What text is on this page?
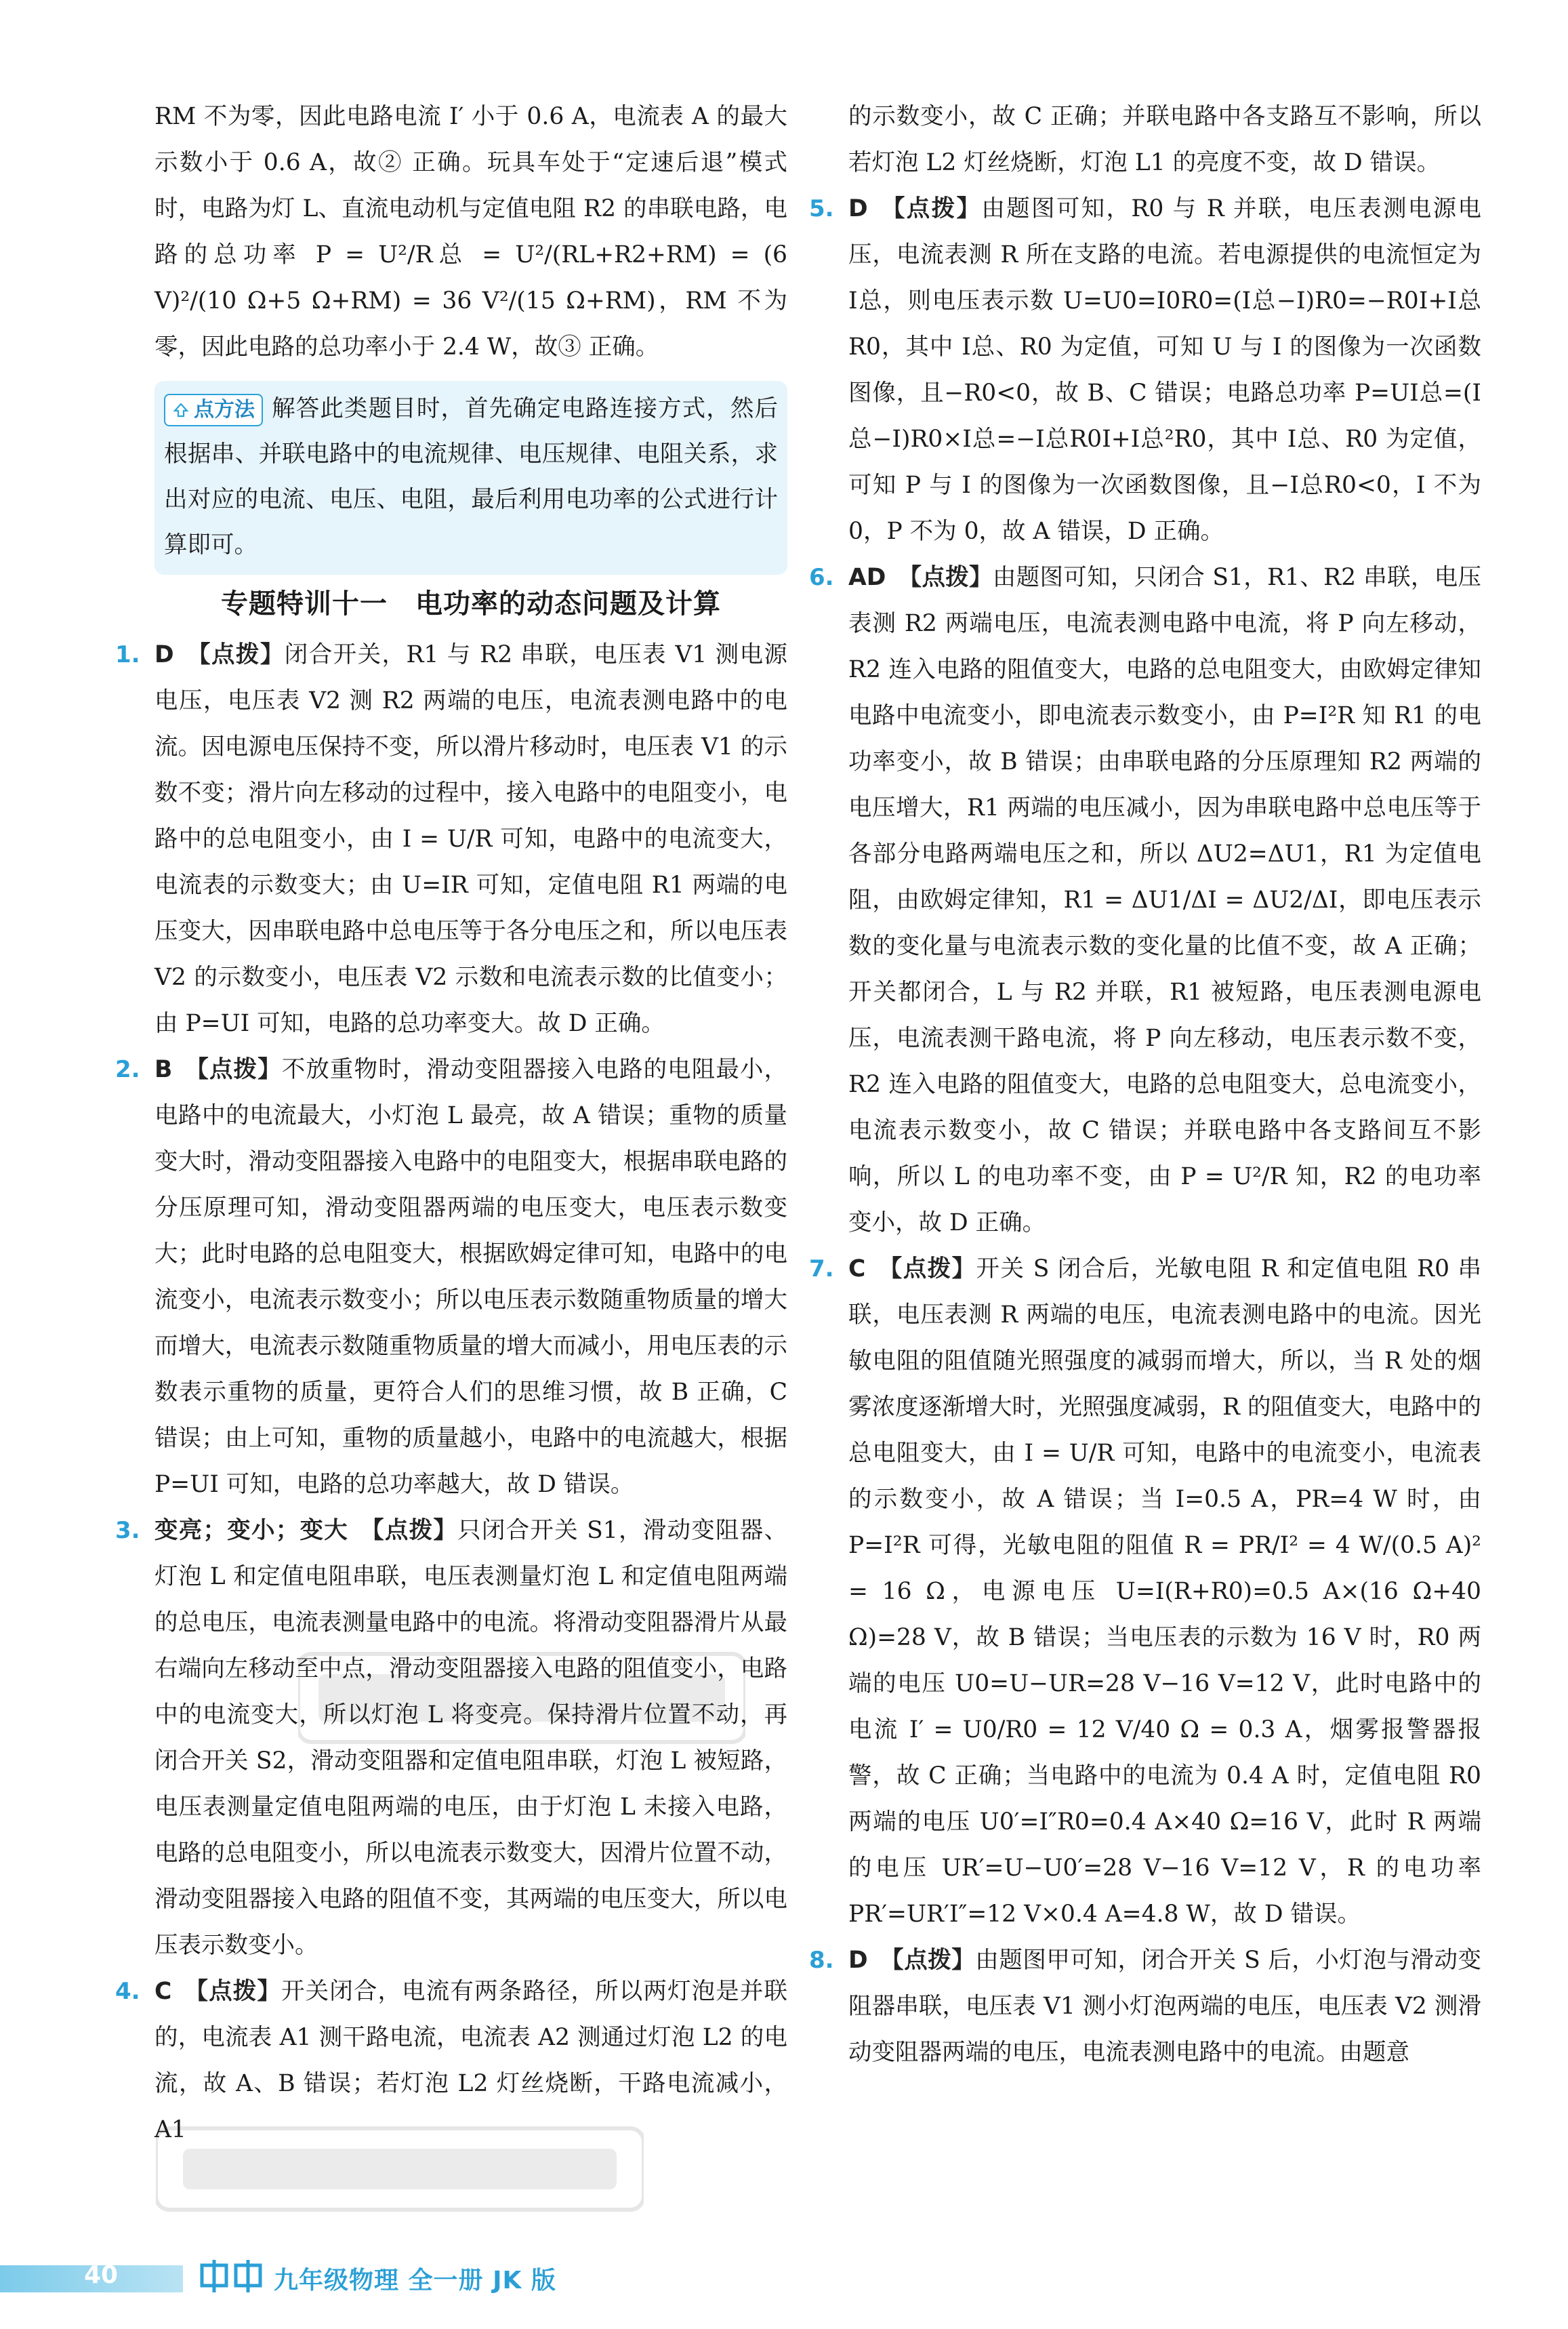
RM 不为零，因此电路电流 I′ 小于 0.6 A，电流表 A 的最大示数小于 0.6 A，故② 正确。玩具车处于“定速后退”模式时，电路为灯 L、直流电动机与定值电阻 R2 的串联电路，电路的总功率 P = U²/R总 = U²/(RL+R2+RM) = (6 V)²/(10 Ω+5 Ω+RM) = 36 V²/(15 Ω+RM)，RM 不为零，因此电路的总功率小于 2.4 W，故③ 正确。

点方法 解答此类题目时，首先确定电路连接方式，然后根据串、并联电路中的电流规律、电压规律、电阻关系，求出对应的电流、电压、电阻，最后利用电功率的公式进行计算即可。
专题特训十一　电功率的动态问题及计算

1. D 【点拨】闭合开关，R1 与 R2 串联，电压表 V1 测电源电压，电压表 V2 测 R2 两端的电压，电流表测电路中的电流。因电源电压保持不变，所以滑片移动时，电压表 V1 的示数不变；滑片向左移动的过程中，接入电路中的电阻变小，电路中的总电阻变小，由 I = U/R 可知，电路中的电流变大，电流表的示数变大；由 U=IR 可知，定值电阻 R1 两端的电压变大，因串联电路中总电压等于各分电压之和，所以电压表 V2 的示数变小，电压表 V2 示数和电流表示数的比值变小；由 P=UI 可知，电路的总功率变大。故 D 正确。

2. B 【点拨】不放重物时，滑动变阻器接入电路的电阻最小，电路中的电流最大，小灯泡 L 最亮，故 A 错误；重物的质量变大时，滑动变阻器接入电路中的电阻变大，根据串联电路的分压原理可知，滑动变阻器两端的电压变大，电压表示数变大；此时电路的总电阻变大，根据欧姆定律可知，电路中的电流变小，电流表示数变小；所以电压表示数随重物质量的增大而增大，电流表示数随重物质量的增大而减小，用电压表的示数表示重物的质量，更符合人们的思维习惯，故 B 正确，C 错误；由上可知，重物的质量越小，电路中的电流越大，根据 P=UI 可知，电路的总功率越大，故 D 错误。

3. 变亮；变小；变大 【点拨】只闭合开关 S1，滑动变阻器、灯泡 L 和定值电阻串联，电压表测量灯泡 L 和定值电阻两端的总电压，电流表测量电路中的电流。将滑动变阻器滑片从最右端向左移动至中点，滑动变阻器接入电路的阻值变小，电路中的电流变大，所以灯泡 L 将变亮。保持滑片位置不动，再闭合开关 S2，滑动变阻器和定值电阻串联，灯泡 L 被短路，电压表测量定值电阻两端的电压，由于灯泡 L 未接入电路，电路的总电阻变小，所以电流表示数变大，因滑片位置不动，滑动变阻器接入电路的阻值不变，其两端的电压变大，所以电压表示数变小。

4. C 【点拨】开关闭合，电流有两条路径，所以两灯泡是并联的，电流表 A1 测干路电流，电流表 A2 测通过灯泡 L2 的电流，故 A、B 错误；若灯泡 L2 灯丝烧断，干路电流减小，A1

的示数变小，故 C 正确；并联电路中各支路互不影响，所以若灯泡 L2 灯丝烧断，灯泡 L1 的亮度不变，故 D 错误。

5. D 【点拨】由题图可知，R0 与 R 并联，电压表测电源电压，电流表测 R 所在支路的电流。若电源提供的电流恒定为 I总，则电压表示数 U=U0=I0R0=(I总−I)R0=−R0I+I总R0，其中 I总、R0 为定值，可知 U 与 I 的图像为一次函数图像，且−R0<0，故 B、C 错误；电路总功率 P=UI总=(I总−I)R0×I总=−I总R0I+I总²R0，其中 I总、R0 为定值，可知 P 与 I 的图像为一次函数图像，且−I总R0<0，I 不为 0，P 不为 0，故 A 错误，D 正确。

6. AD 【点拨】由题图可知，只闭合 S1，R1、R2 串联，电压表测 R2 两端电压，电流表测电路中电流，将 P 向左移动，R2 连入电路的阻值变大，电路的总电阻变大，由欧姆定律知电路中电流变小，即电流表示数变小，由 P=I²R 知 R1 的电功率变小，故 B 错误；由串联电路的分压原理知 R2 两端的电压增大，R1 两端的电压减小，因为串联电路中总电压等于各部分电路两端电压之和，所以 ΔU2=ΔU1，R1 为定值电阻，由欧姆定律知，R1 = ΔU1/ΔI = ΔU2/ΔI，即电压表示数的变化量与电流表示数的变化量的比值不变，故 A 正确；开关都闭合，L 与 R2 并联，R1 被短路，电压表测电源电压，电流表测干路电流，将 P 向左移动，电压表示数不变，R2 连入电路的阻值变大，电路的总电阻变大，总电流变小，电流表示数变小，故 C 错误；并联电路中各支路间互不影响，所以 L 的电功率不变，由 P = U²/R 知，R2 的电功率变小，故 D 正确。

7. C 【点拨】开关 S 闭合后，光敏电阻 R 和定值电阻 R0 串联，电压表测 R 两端的电压，电流表测电路中的电流。因光敏电阻的阻值随光照强度的减弱而增大，所以，当 R 处的烟雾浓度逐渐增大时，光照强度减弱，R 的阻值变大，电路中的总电阻变大，由 I = U/R 可知，电路中的电流变小，电流表的示数变小，故 A 错误；当 I=0.5 A，PR=4 W 时，由 P=I²R 可得，光敏电阻的阻值 R = PR/I² = 4 W/(0.5 A)² = 16 Ω，电源电压 U=I(R+R0)=0.5 A×(16 Ω+40 Ω)=28 V，故 B 错误；当电压表的示数为 16 V 时，R0 两端的电压 U0=U−UR=28 V−16 V=12 V，此时电路中的电流 I′ = U0/R0 = 12 V/40 Ω = 0.3 A，烟雾报警器报警，故 C 正确；当电路中的电流为 0.4 A 时，定值电阻 R0 两端的电压 U0′=I″R0=0.4 A×40 Ω=16 V，此时 R 两端的电压 UR′=U−U0′=28 V−16 V=12 V，R 的电功率 PR′=UR′I″=12 V×0.4 A=4.8 W，故 D 错误。

8. D 【点拨】由题图甲可知，闭合开关 S 后，小灯泡与滑动变阻器串联，电压表 V1 测小灯泡两端的电压，电压表 V2 测滑动变阻器两端的电压，电流表测电路中的电流。由题意

40	九年级物理 全一册 JK 版
